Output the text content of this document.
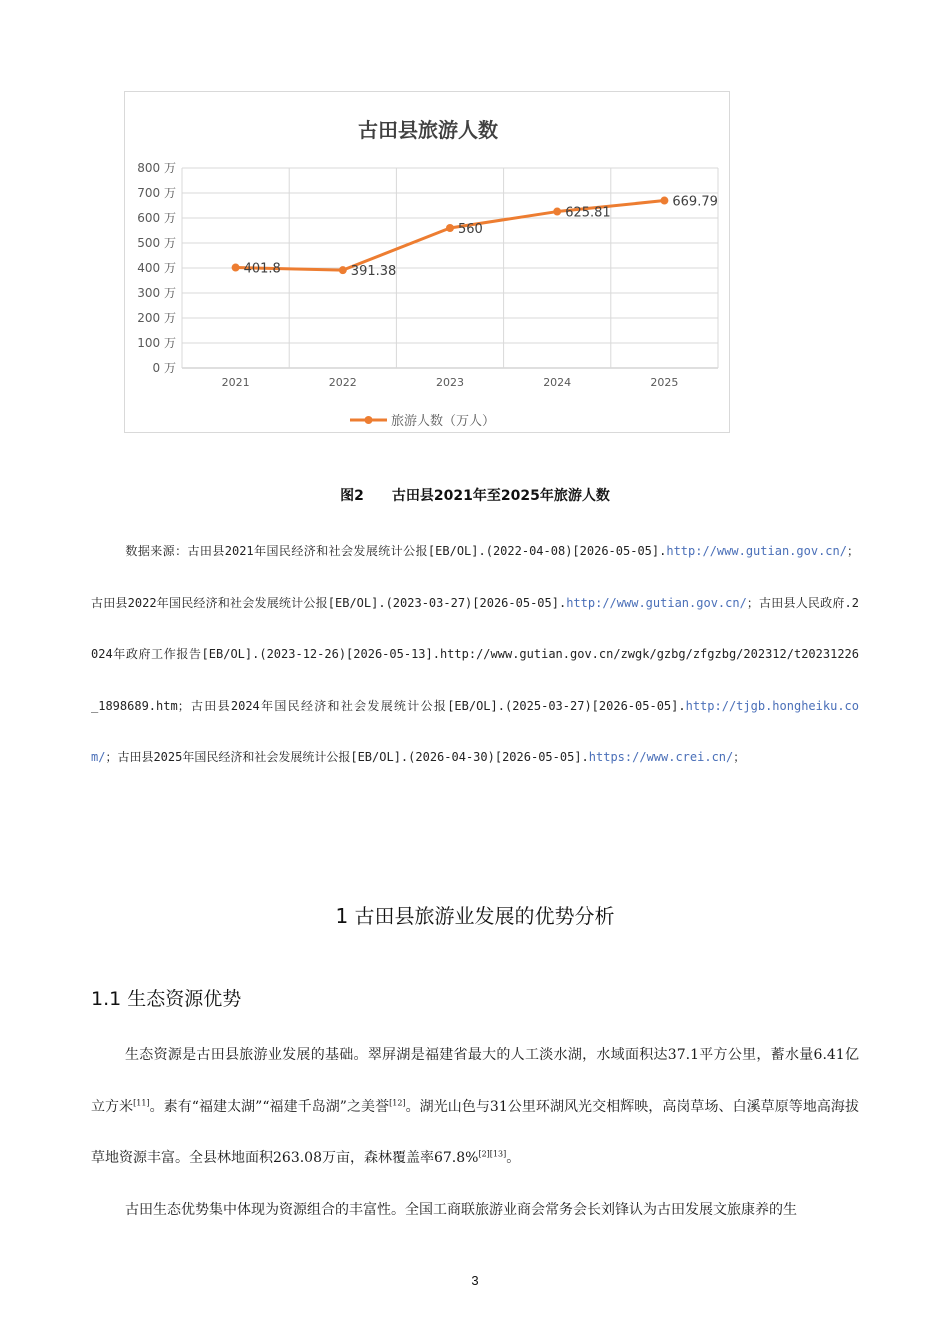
古田县旅游人数
0 万
100 万
200 万
300 万
400 万
500 万
600 万
700 万
800 万
2021	2022	2023	2024	2025
401.8	391.38
560
625.81
669.79
旅游人数（万人）
图2 古田县2021年至2025年旅游人数
数据来源：古田县2021年国民经济和社会发展统计公报[EB/OL].(2022-04-08)[2026-05-05].http://www.gutian.gov.cn/；古田县2022年国民经济和社会发展统计公报[EB/OL].(2023-03-27)[2026-05-05].http://www.gutian.gov.cn/；古田县人民政府.2024年政府工作报告[EB/OL].(2023-12-26)[2026-05-13].http://www.gutian.gov.cn/zwgk/gzbg/zfgzbg/202312/t20231226_1898689.htm；古田县2024年国民经济和社会发展统计公报[EB/OL].(2025-03-27)[2026-05-05].http://tjgb.hongheiku.com/；古田县2025年国民经济和社会发展统计公报[EB/OL].(2026-04-30)[2026-05-05].https://www.crei.cn/；
1 古田县旅游业发展的优势分析
1.1 生态资源优势

生态资源是古田县旅游业发展的基础。翠屏湖是福建省最大的人工淡水湖，水域面积达37.1平方公里，蓄水量6.41亿立方米[11]。素有“福建太湖”“福建千岛湖”之美誉[12]。湖光山色与31公里环湖风光交相辉映，高岗草场、白溪草原等地高海拔草地资源丰富。全县林地面积263.08万亩，森林覆盖率67.8%[2][13]。

古田生态优势集中体现为资源组合的丰富性。全国工商联旅游业商会常务会长刘锋认为古田发展文旅康养的生

3
